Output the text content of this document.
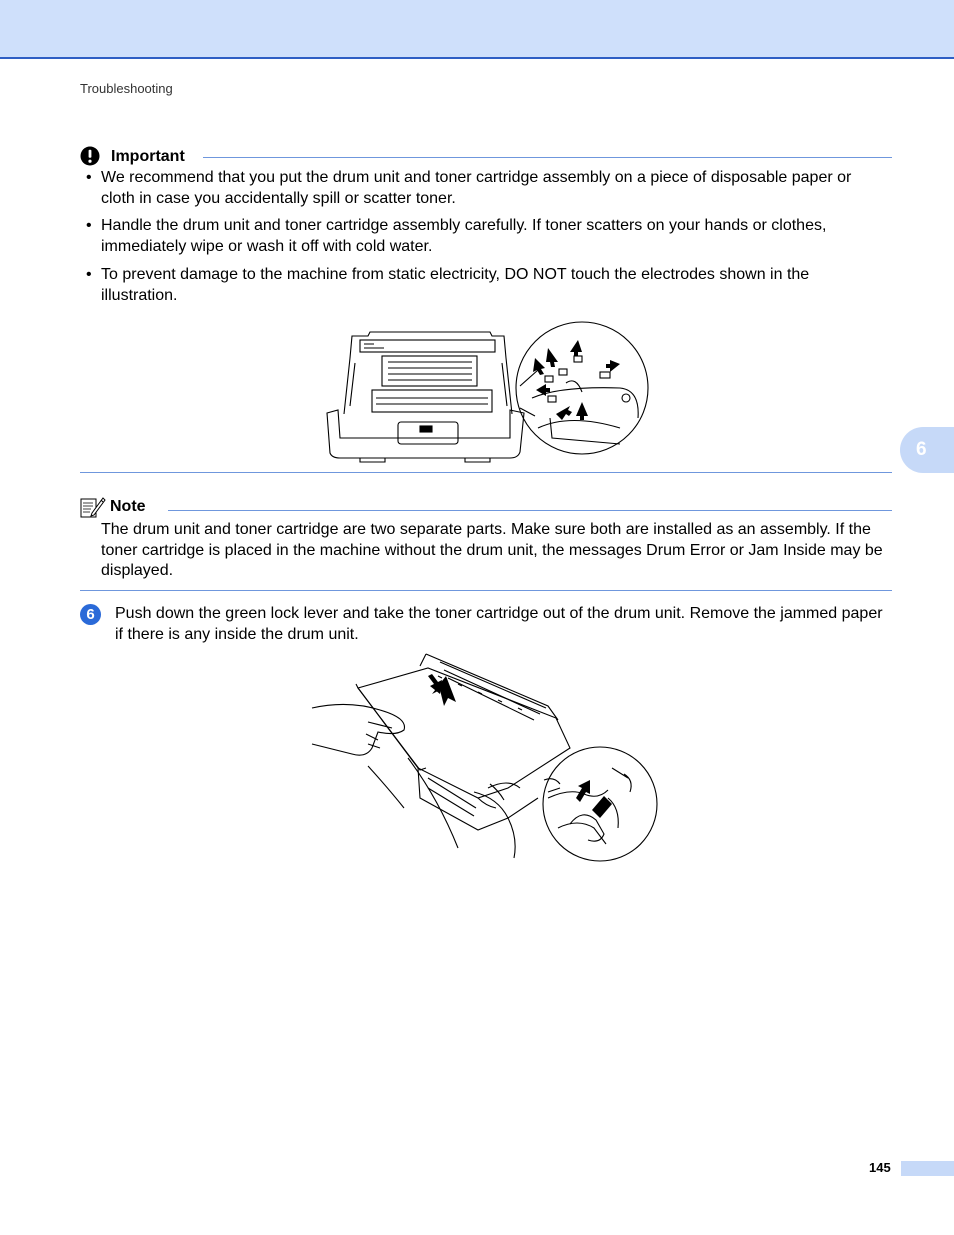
Troubleshooting
6
Important
• We recommend that you put the drum unit and toner cartridge assembly on a piece of disposable paper or cloth in case you accidentally spill or scatter toner.
• Handle the drum unit and toner cartridge assembly carefully. If toner scatters on your hands or clothes, immediately wipe or wash it off with cold water.
• To prevent damage to the machine from static electricity, DO NOT touch the electrodes shown in the illustration.
Note
The drum unit and toner cartridge are two separate parts. Make sure both are installed as an assembly. If the toner cartridge is placed in the machine without the drum unit, the messages Drum Error or Jam Inside may be displayed.
6	Push down the green lock lever and take the toner cartridge out of the drum unit. Remove the jammed paper if there is any inside the drum unit.
145
